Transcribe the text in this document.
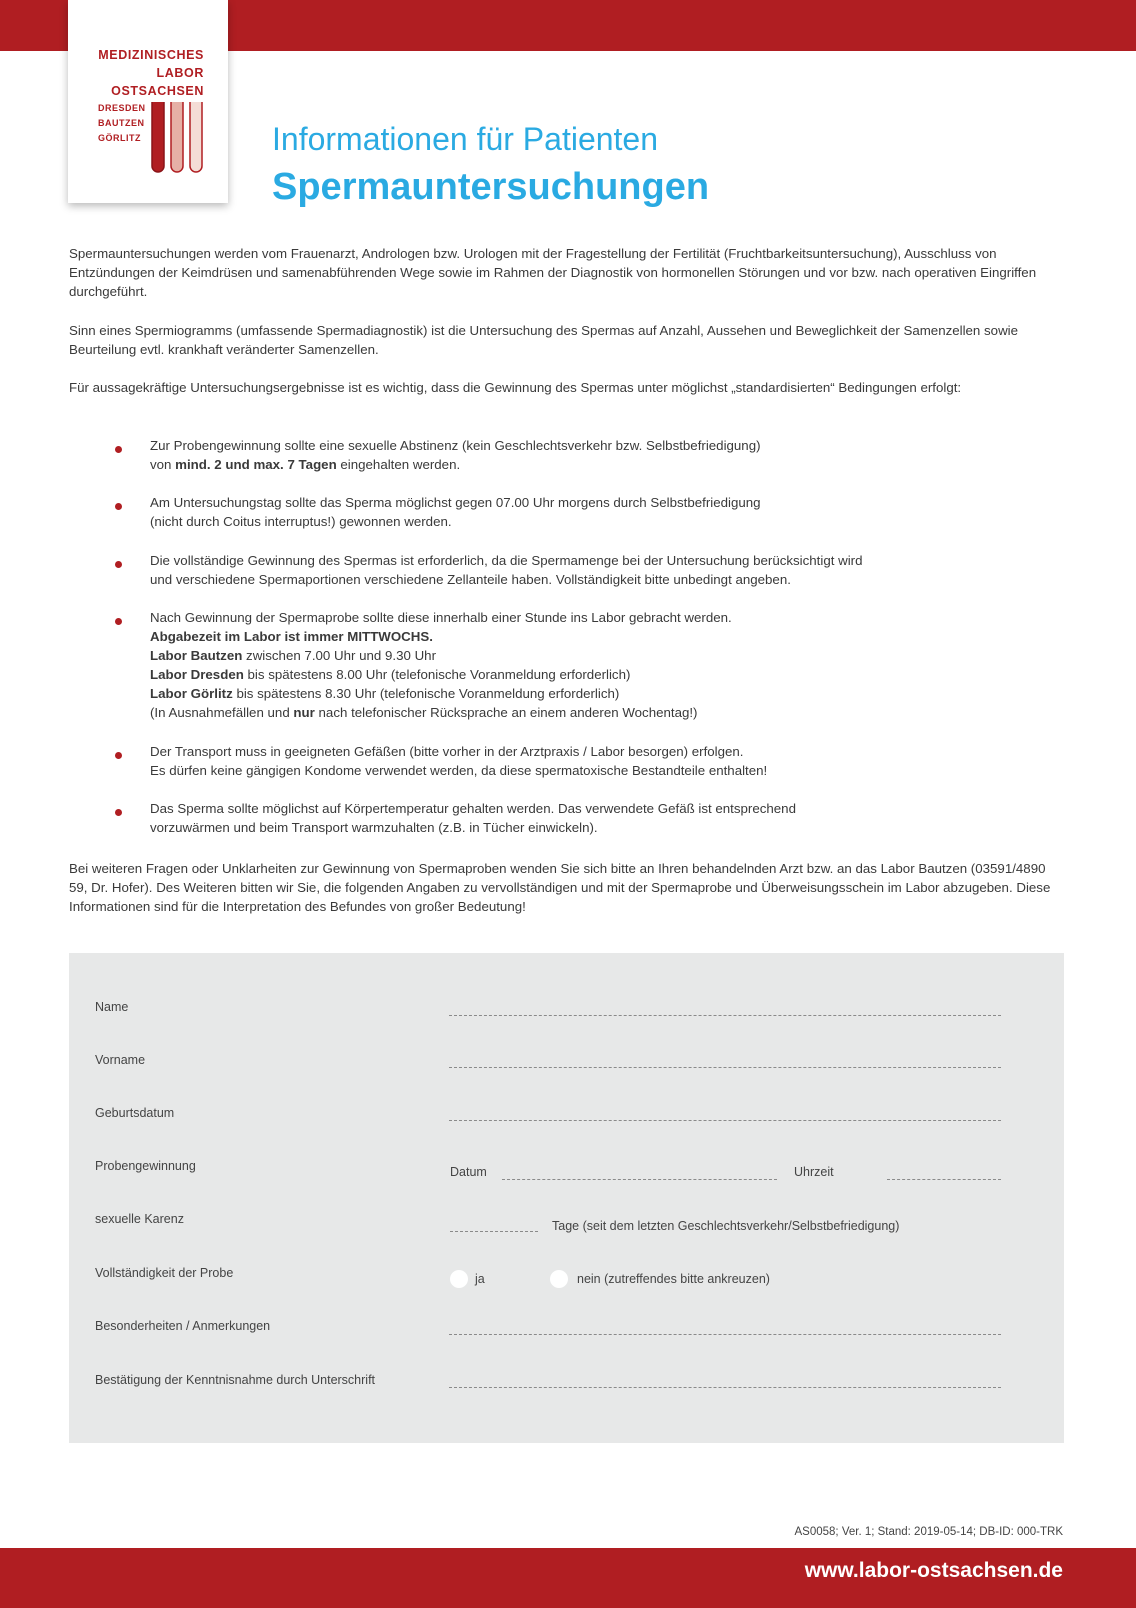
MEDIZINISCHES
LABOR
OSTSACHSEN
DRESDEN
BAUTZEN
GÖRLITZ	Informationen für Patienten
Spermauntersuchungen
Spermauntersuchungen werden vom Frauenarzt, Andrologen bzw. Urologen mit der Fragestellung der Fertilität (Fruchtbarkeitsuntersuchung), Ausschluss von Entzündungen der Keimdrüsen und samenabführenden Wege sowie im Rahmen der Diagnostik von hormonellen Störungen und vor bzw. nach operativen Eingriffen durchgeführt.
Sinn eines Spermiogramms (umfassende Spermadiagnostik) ist die Untersuchung des Spermas auf Anzahl, Aussehen und Beweglichkeit der Samenzellen sowie Beurteilung evtl. krankhaft veränderter Samenzellen.
Für aussagekräftige Untersuchungsergebnisse ist es wichtig, dass die Gewinnung des Spermas unter möglichst „standardisierten“ Bedingungen erfolgt:
Zur Probengewinnung sollte eine sexuelle Abstinenz (kein Geschlechtsverkehr bzw. Selbstbefriedigung)
von mind. 2 und max. 7 Tagen eingehalten werden.
Am Untersuchungstag sollte das Sperma möglichst gegen 07.00 Uhr morgens durch Selbstbefriedigung
(nicht durch Coitus interruptus!) gewonnen werden.
Die vollständige Gewinnung des Spermas ist erforderlich, da die Spermamenge bei der Untersuchung berücksichtigt wird
und verschiedene Spermaportionen verschiedene Zellanteile haben. Vollständigkeit bitte unbedingt angeben.
Nach Gewinnung der Spermaprobe sollte diese innerhalb einer Stunde ins Labor gebracht werden.
Abgabezeit im Labor ist immer MITTWOCHS.
Labor Bautzen zwischen 7.00 Uhr und 9.30 Uhr
Labor Dresden bis spätestens 8.00 Uhr (telefonische Voranmeldung erforderlich)
Labor Görlitz bis spätestens 8.30 Uhr (telefonische Voranmeldung erforderlich)
(In Ausnahmefällen und nur nach telefonischer Rücksprache an einem anderen Wochentag!)
Der Transport muss in geeigneten Gefäßen (bitte vorher in der Arztpraxis / Labor besorgen) erfolgen.
Es dürfen keine gängigen Kondome verwendet werden, da diese spermatoxische Bestandteile enthalten!
Das Sperma sollte möglichst auf Körpertemperatur gehalten werden. Das verwendete Gefäß ist entsprechend
vorzuwärmen und beim Transport warmzuhalten (z.B. in Tücher einwickeln).
Bei weiteren Fragen oder Unklarheiten zur Gewinnung von Spermaproben wenden Sie sich bitte an Ihren behandelnden Arzt bzw. an das Labor Bautzen (03591/4890 59, Dr. Hofer). Des Weiteren bitten wir Sie, die folgenden Angaben zu vervollständigen und mit der Spermaprobe und Überweisungsschein im Labor abzugeben. Diese Informationen sind für die Interpretation des Befundes von großer Bedeutung!
Name
Vorname
Geburtsdatum
Probengewinnung	Datum	Uhrzeit
sexuelle Karenz	Tage (seit dem letzten Geschlechtsverkehr/Selbstbefriedigung)
Vollständigkeit der Probe	ja	nein (zutreffendes bitte ankreuzen)
Besonderheiten / Anmerkungen
Bestätigung der Kenntnisnahme durch Unterschrift
AS0058; Ver. 1; Stand: 2019-05-14; DB-ID: 000-TRK
www.labor-ostsachsen.de
